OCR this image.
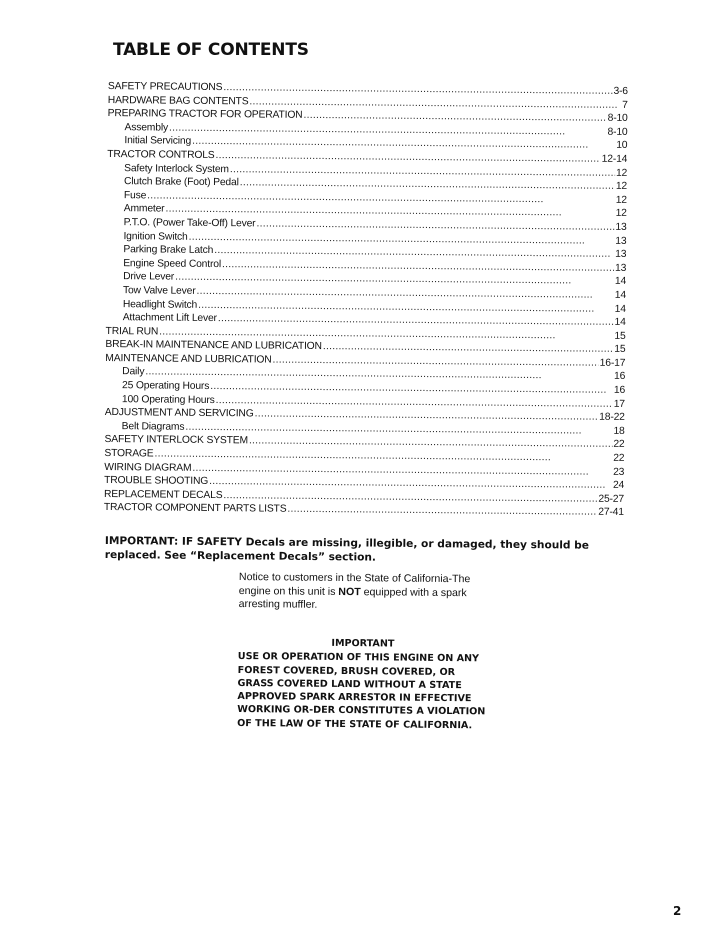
TABLE OF CONTENTS
SAFETY PRECAUTIONS . . .	3-6
HARDWARE BAG CONTENTS . . .	7
PREPARING TRACTOR FOR OPERATION . . .	8-10
Assembly . . .	8-10
Initial Servicing . . .	10
TRACTOR CONTROLS . . .	12-14
Safety Interlock System . . .	12
Clutch Brake (Foot) Pedal . . .	12
Fuse . . .	12
Ammeter . . .	12
P.T.O. (Power Take-Off) Lever . . .	13
Ignition Switch . . .	13
Parking Brake Latch . . .	13
Engine Speed Control . . .	13
Drive Lever . . .	14
Tow Valve Lever . . .	14
Headlight Switch . . .	14
Attachment Lift Lever . . .	14
TRIAL RUN . . .	15
BREAK-IN MAINTENANCE AND LUBRICATION . . .	15
MAINTENANCE AND LUBRICATION . . .	16-17
Daily . . .	16
25 Operating Hours . . .	16
100 Operating Hours . . .	17
ADJUSTMENT AND SERVICING . . .	18-22
Belt Diagrams . . .	18
SAFETY INTERLOCK SYSTEM . . .	22
STORAGE . . .	22
WIRING DIAGRAM . . .	23
TROUBLE SHOOTING . . .	24
REPLACEMENT DECALS . . .	25-27
TRACTOR COMPONENT PARTS LISTS . . .	27-41
IMPORTANT: IF SAFETY Decals are missing, illegible, or damaged, they should be replaced. See “Replacement Decals” section.
Notice to customers in the State of California-The engine on this unit is NOT equipped with a spark arresting muffler.
IMPORTANT
USE OR OPERATION OF THIS ENGINE ON ANY FOREST COVERED, BRUSH COVERED, OR GRASS COVERED LAND WITHOUT A STATE APPROVED SPARK ARRESTOR IN EFFECTIVE WORKING OR-DER CONSTITUTES A VIOLATION OF THE LAW OF THE STATE OF CALIFORNIA.
2
